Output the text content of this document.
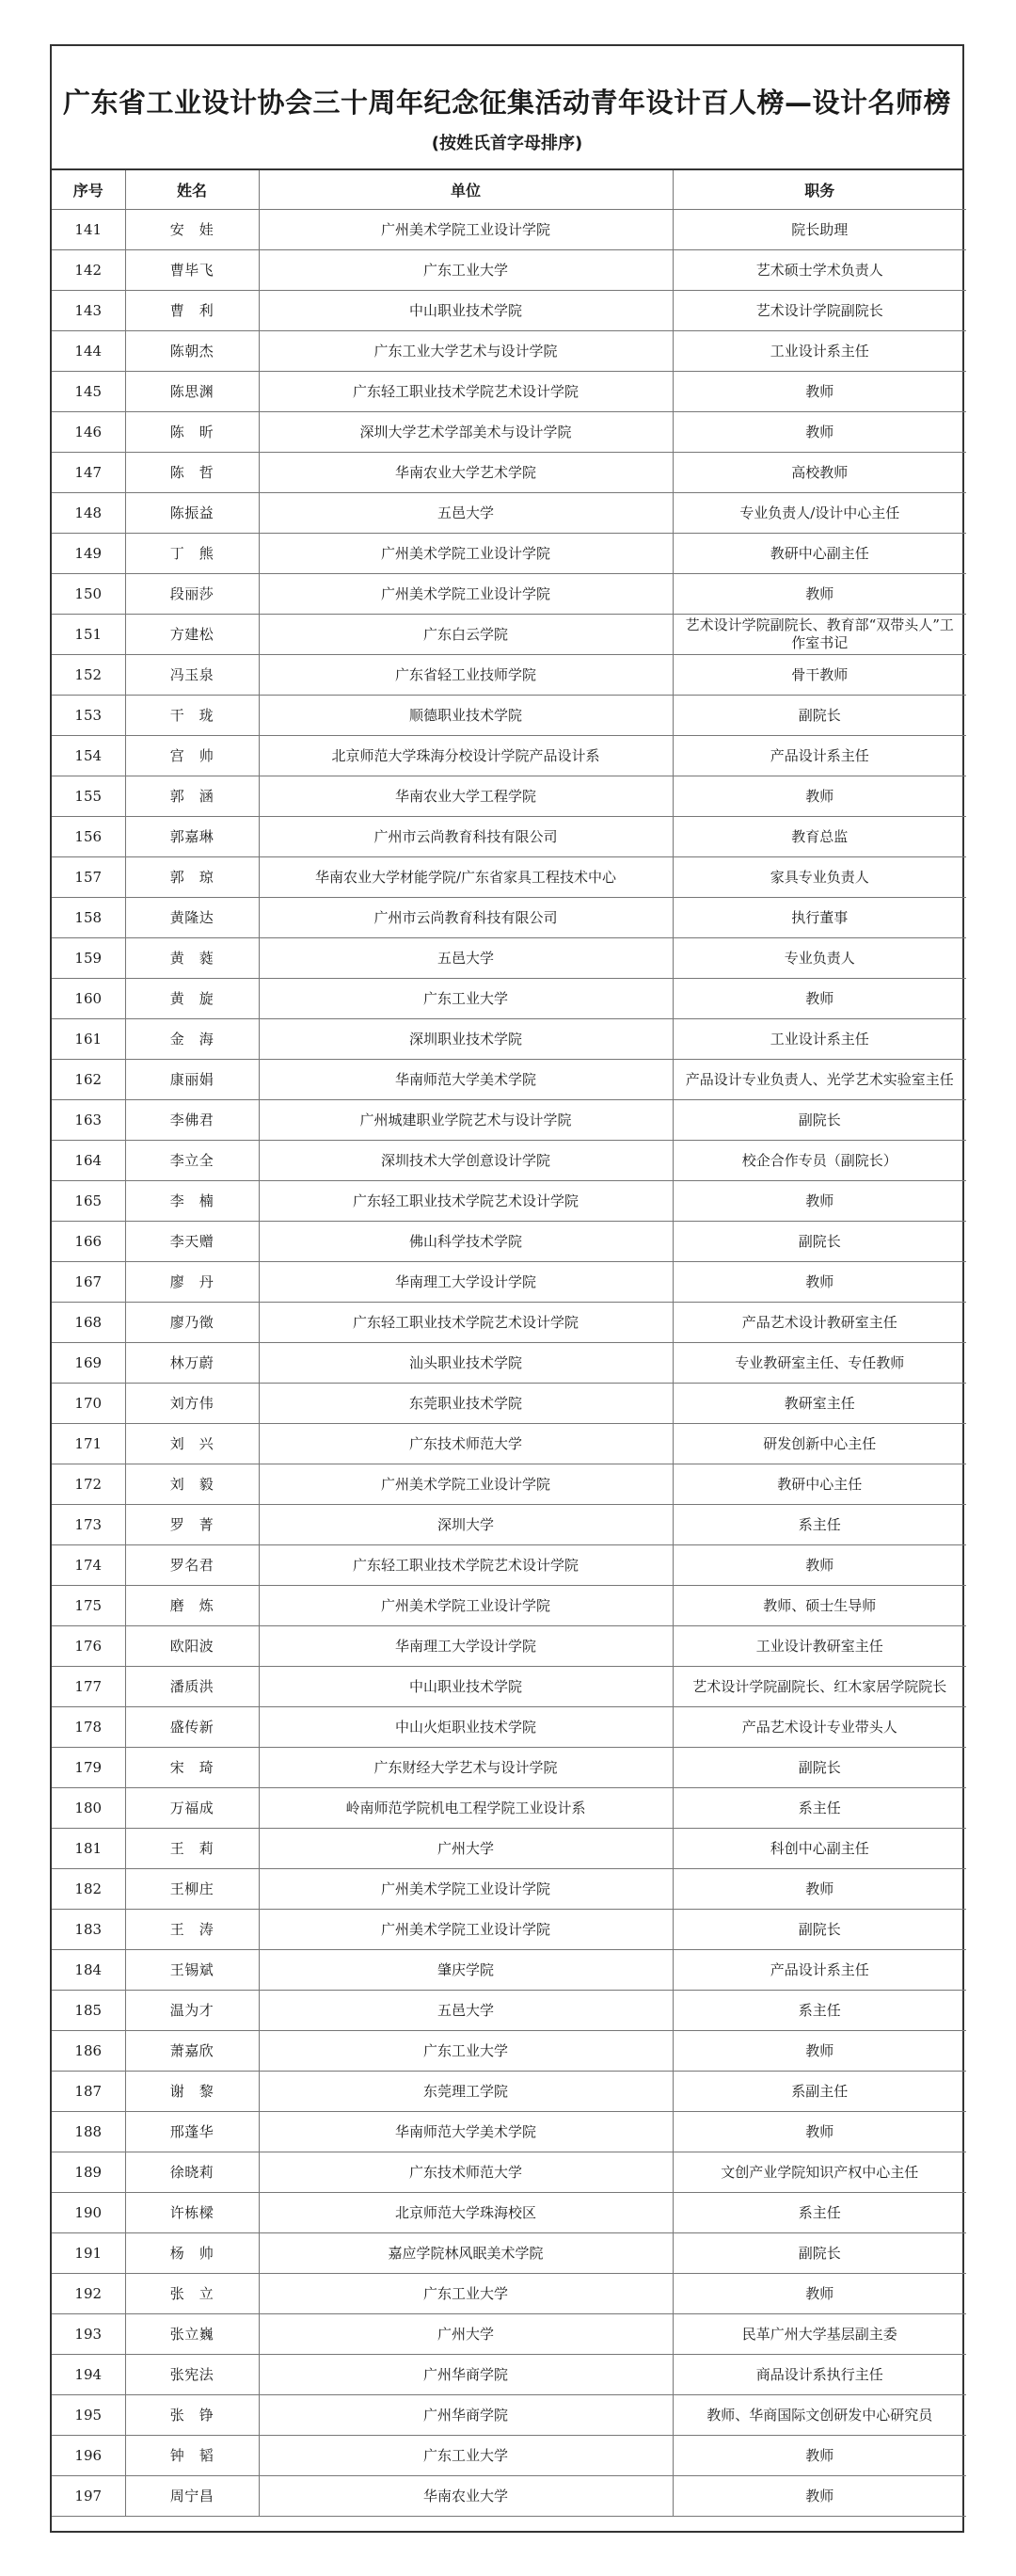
广东省工业设计协会三十周年纪念征集活动青年设计百人榜—设计名师榜
(按姓氏首字母排序)
序号	姓名	单位	职务
141	安　娃	广州美术学院工业设计学院	院长助理
142	曹毕飞	广东工业大学	艺术硕士学术负责人
143	曹　利	中山职业技术学院	艺术设计学院副院长
144	陈朝杰	广东工业大学艺术与设计学院	工业设计系主任
145	陈思渊	广东轻工职业技术学院艺术设计学院	教师
146	陈　昕	深圳大学艺术学部美术与设计学院	教师
147	陈　哲	华南农业大学艺术学院	高校教师
148	陈振益	五邑大学	专业负责人/设计中心主任
149	丁　熊	广州美术学院工业设计学院	教研中心副主任
150	段丽莎	广州美术学院工业设计学院	教师
151	方建松	广东白云学院	艺术设计学院副院长、教育部“双带头人”工作室书记
152	冯玉泉	广东省轻工业技师学院	骨干教师
153	干　珑	顺德职业技术学院	副院长
154	宫　帅	北京师范大学珠海分校设计学院产品设计系	产品设计系主任
155	郭　涵	华南农业大学工程学院	教师
156	郭嘉琳	广州市云尚教育科技有限公司	教育总监
157	郭　琼	华南农业大学材能学院/广东省家具工程技术中心	家具专业负责人
158	黄隆达	广州市云尚教育科技有限公司	执行董事
159	黄　蕤	五邑大学	专业负责人
160	黄　旋	广东工业大学	教师
161	金　海	深圳职业技术学院	工业设计系主任
162	康丽娟	华南师范大学美术学院	产品设计专业负责人、光学艺术实验室主任
163	李佛君	广州城建职业学院艺术与设计学院	副院长
164	李立全	深圳技术大学创意设计学院	校企合作专员（副院长）
165	李　楠	广东轻工职业技术学院艺术设计学院	教师
166	李天赠	佛山科学技术学院	副院长
167	廖　丹	华南理工大学设计学院	教师
168	廖乃徵	广东轻工职业技术学院艺术设计学院	产品艺术设计教研室主任
169	林万蔚	汕头职业技术学院	专业教研室主任、专任教师
170	刘方伟	东莞职业技术学院	教研室主任
171	刘　兴	广东技术师范大学	研发创新中心主任
172	刘　毅	广州美术学院工业设计学院	教研中心主任
173	罗　菁	深圳大学	系主任
174	罗名君	广东轻工职业技术学院艺术设计学院	教师
175	磨　炼	广州美术学院工业设计学院	教师、硕士生导师
176	欧阳波	华南理工大学设计学院	工业设计教研室主任
177	潘质洪	中山职业技术学院	艺术设计学院副院长、红木家居学院院长
178	盛传新	中山火炬职业技术学院	产品艺术设计专业带头人
179	宋　琦	广东财经大学艺术与设计学院	副院长
180	万福成	岭南师范学院机电工程学院工业设计系	系主任
181	王　莉	广州大学	科创中心副主任
182	王柳庄	广州美术学院工业设计学院	教师
183	王　涛	广州美术学院工业设计学院	副院长
184	王锡斌	肇庆学院	产品设计系主任
185	温为才	五邑大学	系主任
186	萧嘉欣	广东工业大学	教师
187	谢　黎	东莞理工学院	系副主任
188	邢蓬华	华南师范大学美术学院	教师
189	徐晓莉	广东技术师范大学	文创产业学院知识产权中心主任
190	许栋樑	北京师范大学珠海校区	系主任
191	杨　帅	嘉应学院林风眠美术学院	副院长
192	张　立	广东工业大学	教师
193	张立巍	广州大学	民革广州大学基层副主委
194	张宪法	广州华商学院	商品设计系执行主任
195	张　铮	广州华商学院	教师、华商国际文创研发中心研究员
196	钟　韬	广东工业大学	教师
197	周宁昌	华南农业大学	教师
